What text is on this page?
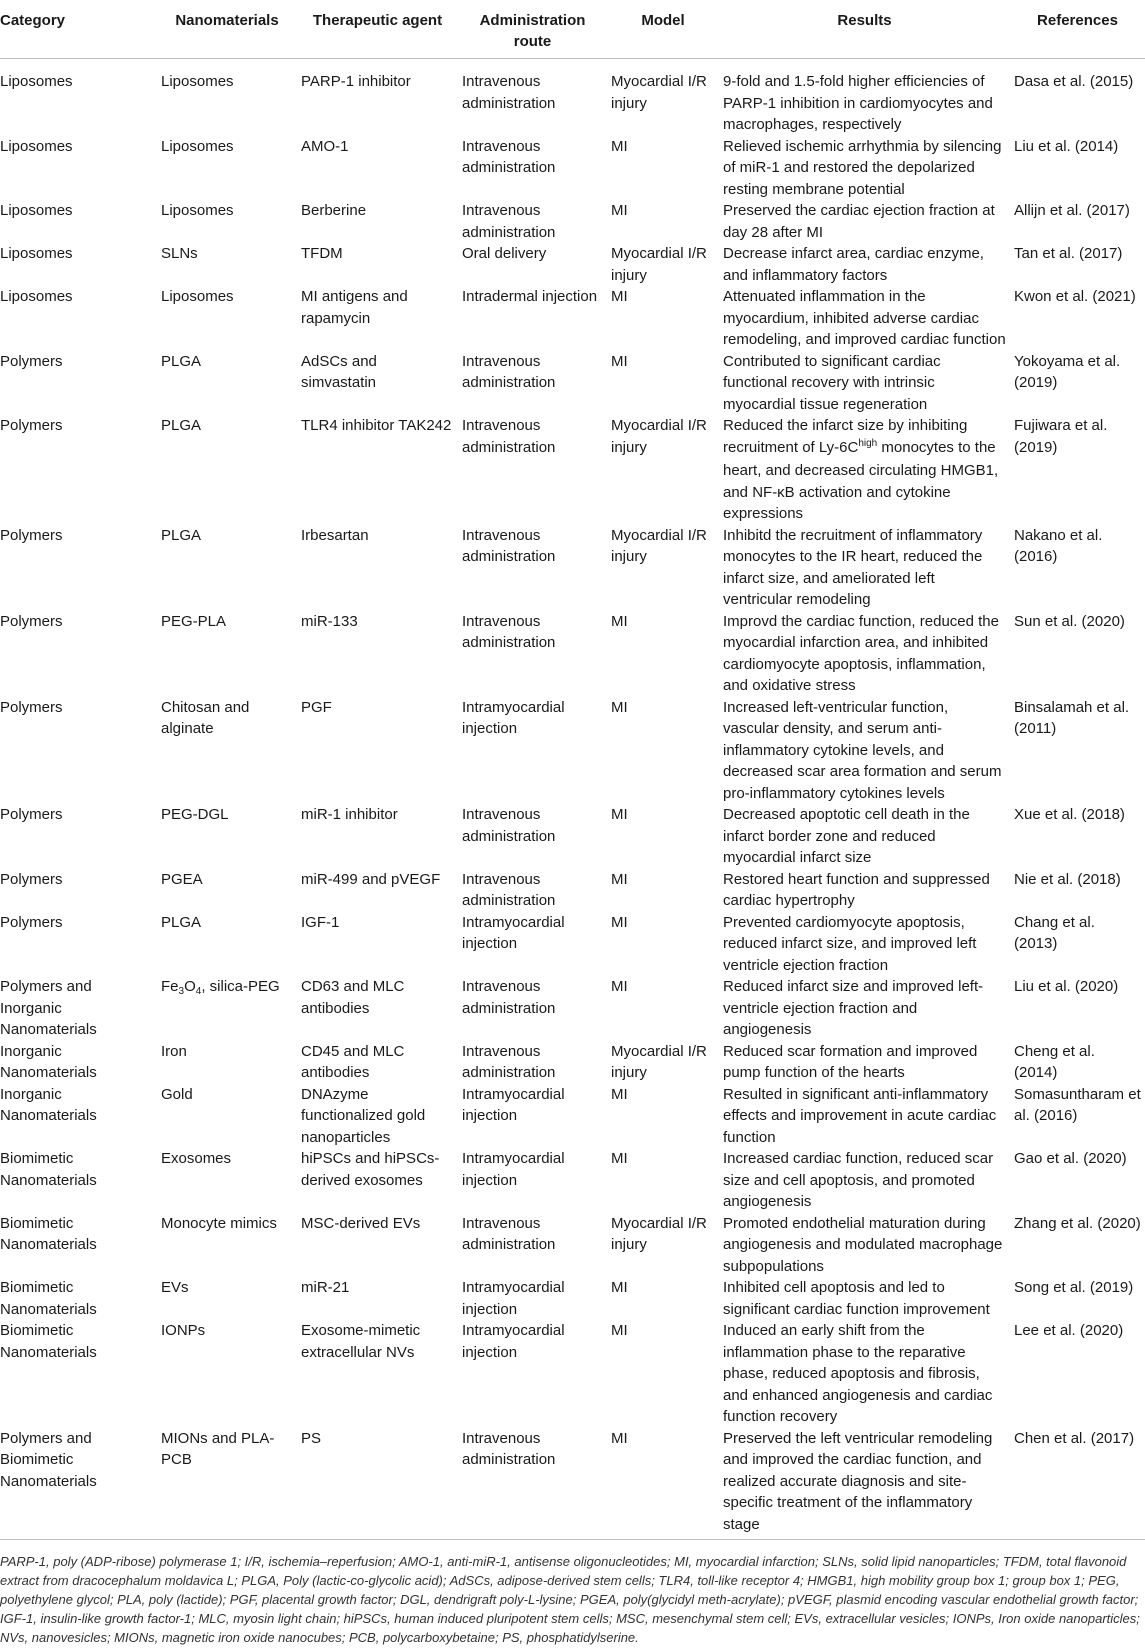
Category	Nanomaterials	Therapeutic agent	Administration route	Model	Results	References
Liposomes	Liposomes	PARP-1 inhibitor	Intravenous administration	Myocardial I/R injury	9-fold and 1.5-fold higher efficiencies of PARP-1 inhibition in cardiomyocytes and macrophages, respectively	Dasa et al. (2015)
Liposomes	Liposomes	AMO-1	Intravenous administration	MI	Relieved ischemic arrhythmia by silencing of miR-1 and restored the depolarized resting membrane potential	Liu et al. (2014)
Liposomes	Liposomes	Berberine	Intravenous administration	MI	Preserved the cardiac ejection fraction at day 28 after MI	Allijn et al. (2017)
Liposomes	SLNs	TFDM	Oral delivery	Myocardial I/R injury	Decrease infarct area, cardiac enzyme, and inflammatory factors	Tan et al. (2017)
Liposomes	Liposomes	MI antigens and rapamycin	Intradermal injection	MI	Attenuated inflammation in the myocardium, inhibited adverse cardiac remodeling, and improved cardiac function	Kwon et al. (2021)
Polymers	PLGA	AdSCs and simvastatin	Intravenous administration	MI	Contributed to significant cardiac functional recovery with intrinsic myocardial tissue regeneration	Yokoyama et al. (2019)
Polymers	PLGA	TLR4 inhibitor TAK242	Intravenous administration	Myocardial I/R injury	Reduced the infarct size by inhibiting recruitment of $Ly-6C^{high}$ monocytes to the heart, and decreased circulating HMGB1, and NF-κB activation and cytokine expressions	Fujiwara et al. (2019)
Polymers	PLGA	Irbesartan	Intravenous administration	Myocardial I/R injury	Inhibitd the recruitment of inflammatory monocytes to the IR heart, reduced the infarct size, and ameliorated left ventricular remodeling	Nakano et al. (2016)
Polymers	PEG-PLA	miR-133	Intravenous administration	MI	Improvd the cardiac function, reduced the myocardial infarction area, and inhibited cardiomyocyte apoptosis, inflammation, and oxidative stress	Sun et al. (2020)
Polymers	Chitosan and alginate	PGF	Intramyocardial injection	MI	Increased left-ventricular function, vascular density, and serum anti-inflammatory cytokine levels, and decreased scar area formation and serum pro-inflammatory cytokines levels	Binsalamah et al. (2011)
Polymers	PEG-DGL	miR-1 inhibitor	Intravenous administration	MI	Decreased apoptotic cell death in the infarct border zone and reduced myocardial infarct size	Xue et al. (2018)
Polymers	PGEA	miR-499 and pVEGF	Intravenous administration	MI	Restored heart function and suppressed cardiac hypertrophy	Nie et al. (2018)
Polymers	PLGA	IGF-1	Intramyocardial injection	MI	Prevented cardiomyocyte apoptosis, reduced infarct size, and improved left ventricle ejection fraction	Chang et al. (2013)
Polymers and Inorganic Nanomaterials	$Fe_3O_4$, silica-PEG	CD63 and MLC antibodies	Intravenous administration	MI	Reduced infarct size and improved left-ventricle ejection fraction and angiogenesis	Liu et al. (2020)
Inorganic Nanomaterials	Iron	CD45 and MLC antibodies	Intravenous administration	Myocardial I/R injury	Reduced scar formation and improved pump function of the hearts	Cheng et al. (2014)
Inorganic Nanomaterials	Gold	DNAzyme functionalized gold nanoparticles	Intramyocardial injection	MI	Resulted in significant anti-inflammatory effects and improvement in acute cardiac function	Somasuntharam et al. (2016)
Biomimetic Nanomaterials	Exosomes	hiPSCs and hiPSCs-derived exosomes	Intramyocardial injection	MI	Increased cardiac function, reduced scar size and cell apoptosis, and promoted angiogenesis	Gao et al. (2020)
Biomimetic Nanomaterials	Monocyte mimics	MSC-derived EVs	Intravenous administration	Myocardial I/R injury	Promoted endothelial maturation during angiogenesis and modulated macrophage subpopulations	Zhang et al. (2020)
Biomimetic Nanomaterials	EVs	miR-21	Intramyocardial injection	MI	Inhibited cell apoptosis and led to significant cardiac function improvement	Song et al. (2019)
Biomimetic Nanomaterials	IONPs	Exosome-mimetic extracellular NVs	Intramyocardial injection	MI	Induced an early shift from the inflammation phase to the reparative phase, reduced apoptosis and fibrosis, and enhanced angiogenesis and cardiac function recovery	Lee et al. (2020)
Polymers and Biomimetic Nanomaterials	MIONs and PLA-PCB	PS	Intravenous administration	MI	Preserved the left ventricular remodeling and improved the cardiac function, and realized accurate diagnosis and site-specific treatment of the inflammatory stage	Chen et al. (2017)
PARP-1, poly (ADP-ribose) polymerase 1; I/R, ischemia–reperfusion; AMO-1, anti-miR-1, antisense oligonucleotides; MI, myocardial infarction; SLNs, solid lipid nanoparticles; TFDM, total flavonoid extract from dracocephalum moldavica L; PLGA, Poly (lactic-co-glycolic acid); AdSCs, adipose-derived stem cells; TLR4, toll-like receptor 4; HMGB1, high mobility group box 1; group box 1; PEG, polyethylene glycol; PLA, poly (lactide); PGF, placental growth factor; DGL, dendrigraft poly-L-lysine; PGEA, poly(glycidyl meth-acrylate); pVEGF, plasmid encoding vascular endothelial growth factor; IGF-1, insulin-like growth factor-1; MLC, myosin light chain; hiPSCs, human induced pluripotent stem cells; MSC, mesenchymal stem cell; EVs, extracellular vesicles; IONPs, Iron oxide nanoparticles; NVs, nanovesicles; MIONs, magnetic iron oxide nanocubes; PCB, polycarboxybetaine; PS, phosphatidylserine.
